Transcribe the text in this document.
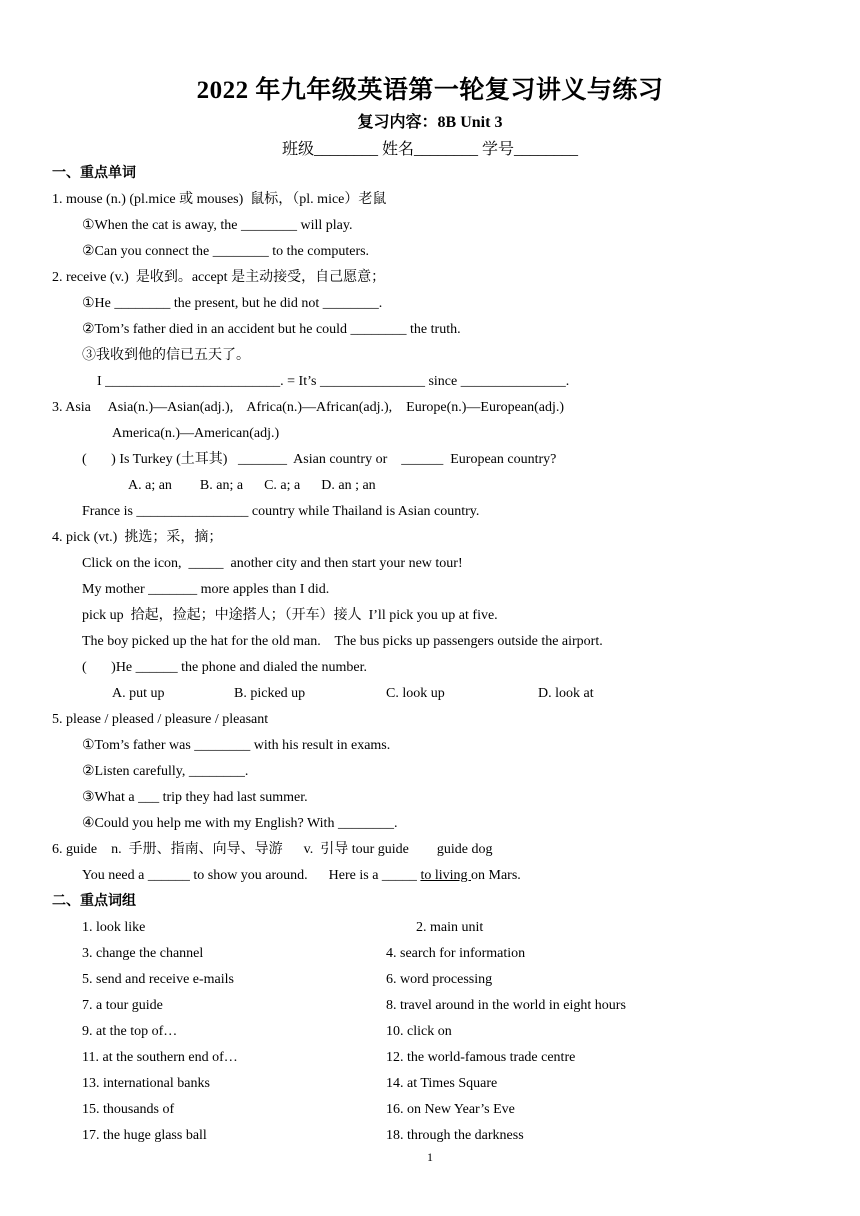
2022 年九年级英语第一轮复习讲义与练习
复习内容：8B Unit 3
班级________ 姓名________ 学号________
一、重点单词
1. mouse (n.) (pl.mice 或 mouses)  鼠标，（pl. mice）老鼠
①When the cat is away, the ________ will play.
②Can you connect the ________ to the computers.
2. receive (v.)  是收到。accept 是主动接受，自己愿意；
①He ________ the present, but he did not ________.
②Tom’s father died in an accident but he could ________ the truth.
③我收到他的信已五天了。
I _________________________. = It’s _______________ since _______________.
3. Asia     Asia(n.)—Asian(adj.),    Africa(n.)—African(adj.),    Europe(n.)—European(adj.)
America(n.)—American(adj.)
(       ) Is Turkey (土耳其)   _______  Asian country or    ______  European country?
A. a; an        B. an; a      C. a; a      D. an ; an
France is ________________ country while Thailand is Asian country.
4. pick (vt.)  挑选；采，摘；
Click on the icon,  _____  another city and then start your new tour!
My mother _______ more apples than I did.
pick up  拾起，捡起；中途搭人；（开车）接人  I’ll pick you up at five.
The boy picked up the hat for the old man.    The bus picks up passengers outside the airport.
(       )He ______ the phone and dialed the number.
A. put up	B. picked up	C. look up	D. look at
5. please / pleased / pleasure / pleasant
①Tom’s father was ________ with his result in exams.
②Listen carefully, ________.
③What a ___ trip they had last summer.
④Could you help me with my English? With ________.
6. guide    n.  手册、指南、向导、导游      v.  引导 tour guide        guide dog
You need a ______ to show you around.      Here is a _____ to living on Mars.
二、重点词组
1. look like	2. main unit
3. change the channel	4. search for information
5. send and receive e-mails	6. word processing
7. a tour guide	8. travel around in the world in eight hours
9. at the top of…	10. click on
11. at the southern end of…	12. the world-famous trade centre
13. international banks	14. at Times Square
15. thousands of	16. on New Year’s Eve
17. the huge glass ball	18. through the darkness
1
